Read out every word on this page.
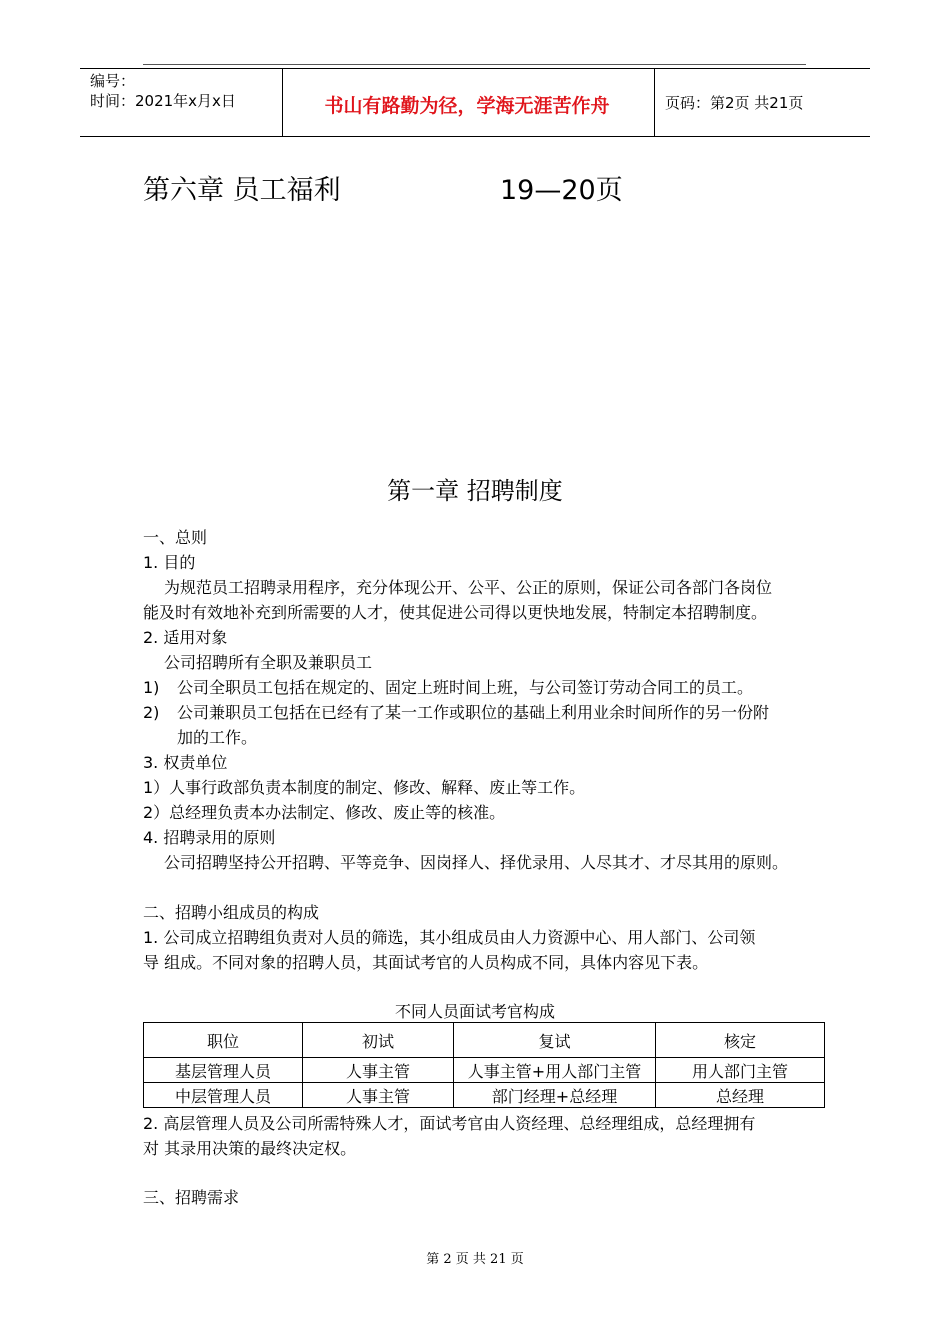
编号：
时间：2021年x月x日	书山有路勤为径，学海无涯苦作舟	页码：第2页 共21页
第六章 员工福利	19—20页
第一章 招聘制度
一、总则
1. 目的
为规范员工招聘录用程序，充分体现公开、公平、公正的原则，保证公司各部门各岗位
能及时有效地补充到所需要的人才，使其促进公司得以更快地发展，特制定本招聘制度。
2. 适用对象
公司招聘所有全职及兼职员工
1) 公司全职员工包括在规定的、固定上班时间上班，与公司签订劳动合同工的员工。
2) 公司兼职员工包括在已经有了某一工作或职位的基础上利用业余时间所作的另一份附
加的工作。
3. 权责单位
1）人事行政部负责本制度的制定、修改、解释、废止等工作。
2）总经理负责本办法制定、修改、废止等的核准。
4. 招聘录用的原则
公司招聘坚持公开招聘、平等竞争、因岗择人、择优录用、人尽其才、才尽其用的原则。
二、招聘小组成员的构成
1. 公司成立招聘组负责对人员的筛选，其小组成员由人力资源中心、用人部门、公司领
导 组成。不同对象的招聘人员，其面试考官的人员构成不同，具体内容见下表。
不同人员面试考官构成
职位	初试	复试	核定
基层管理人员	人事主管	人事主管+用人部门主管	用人部门主管
中层管理人员	人事主管	部门经理+总经理	总经理
2. 高层管理人员及公司所需特殊人才，面试考官由人资经理、总经理组成，总经理拥有
对 其录用决策的最终决定权。
三、招聘需求
第 2 页 共 21 页
